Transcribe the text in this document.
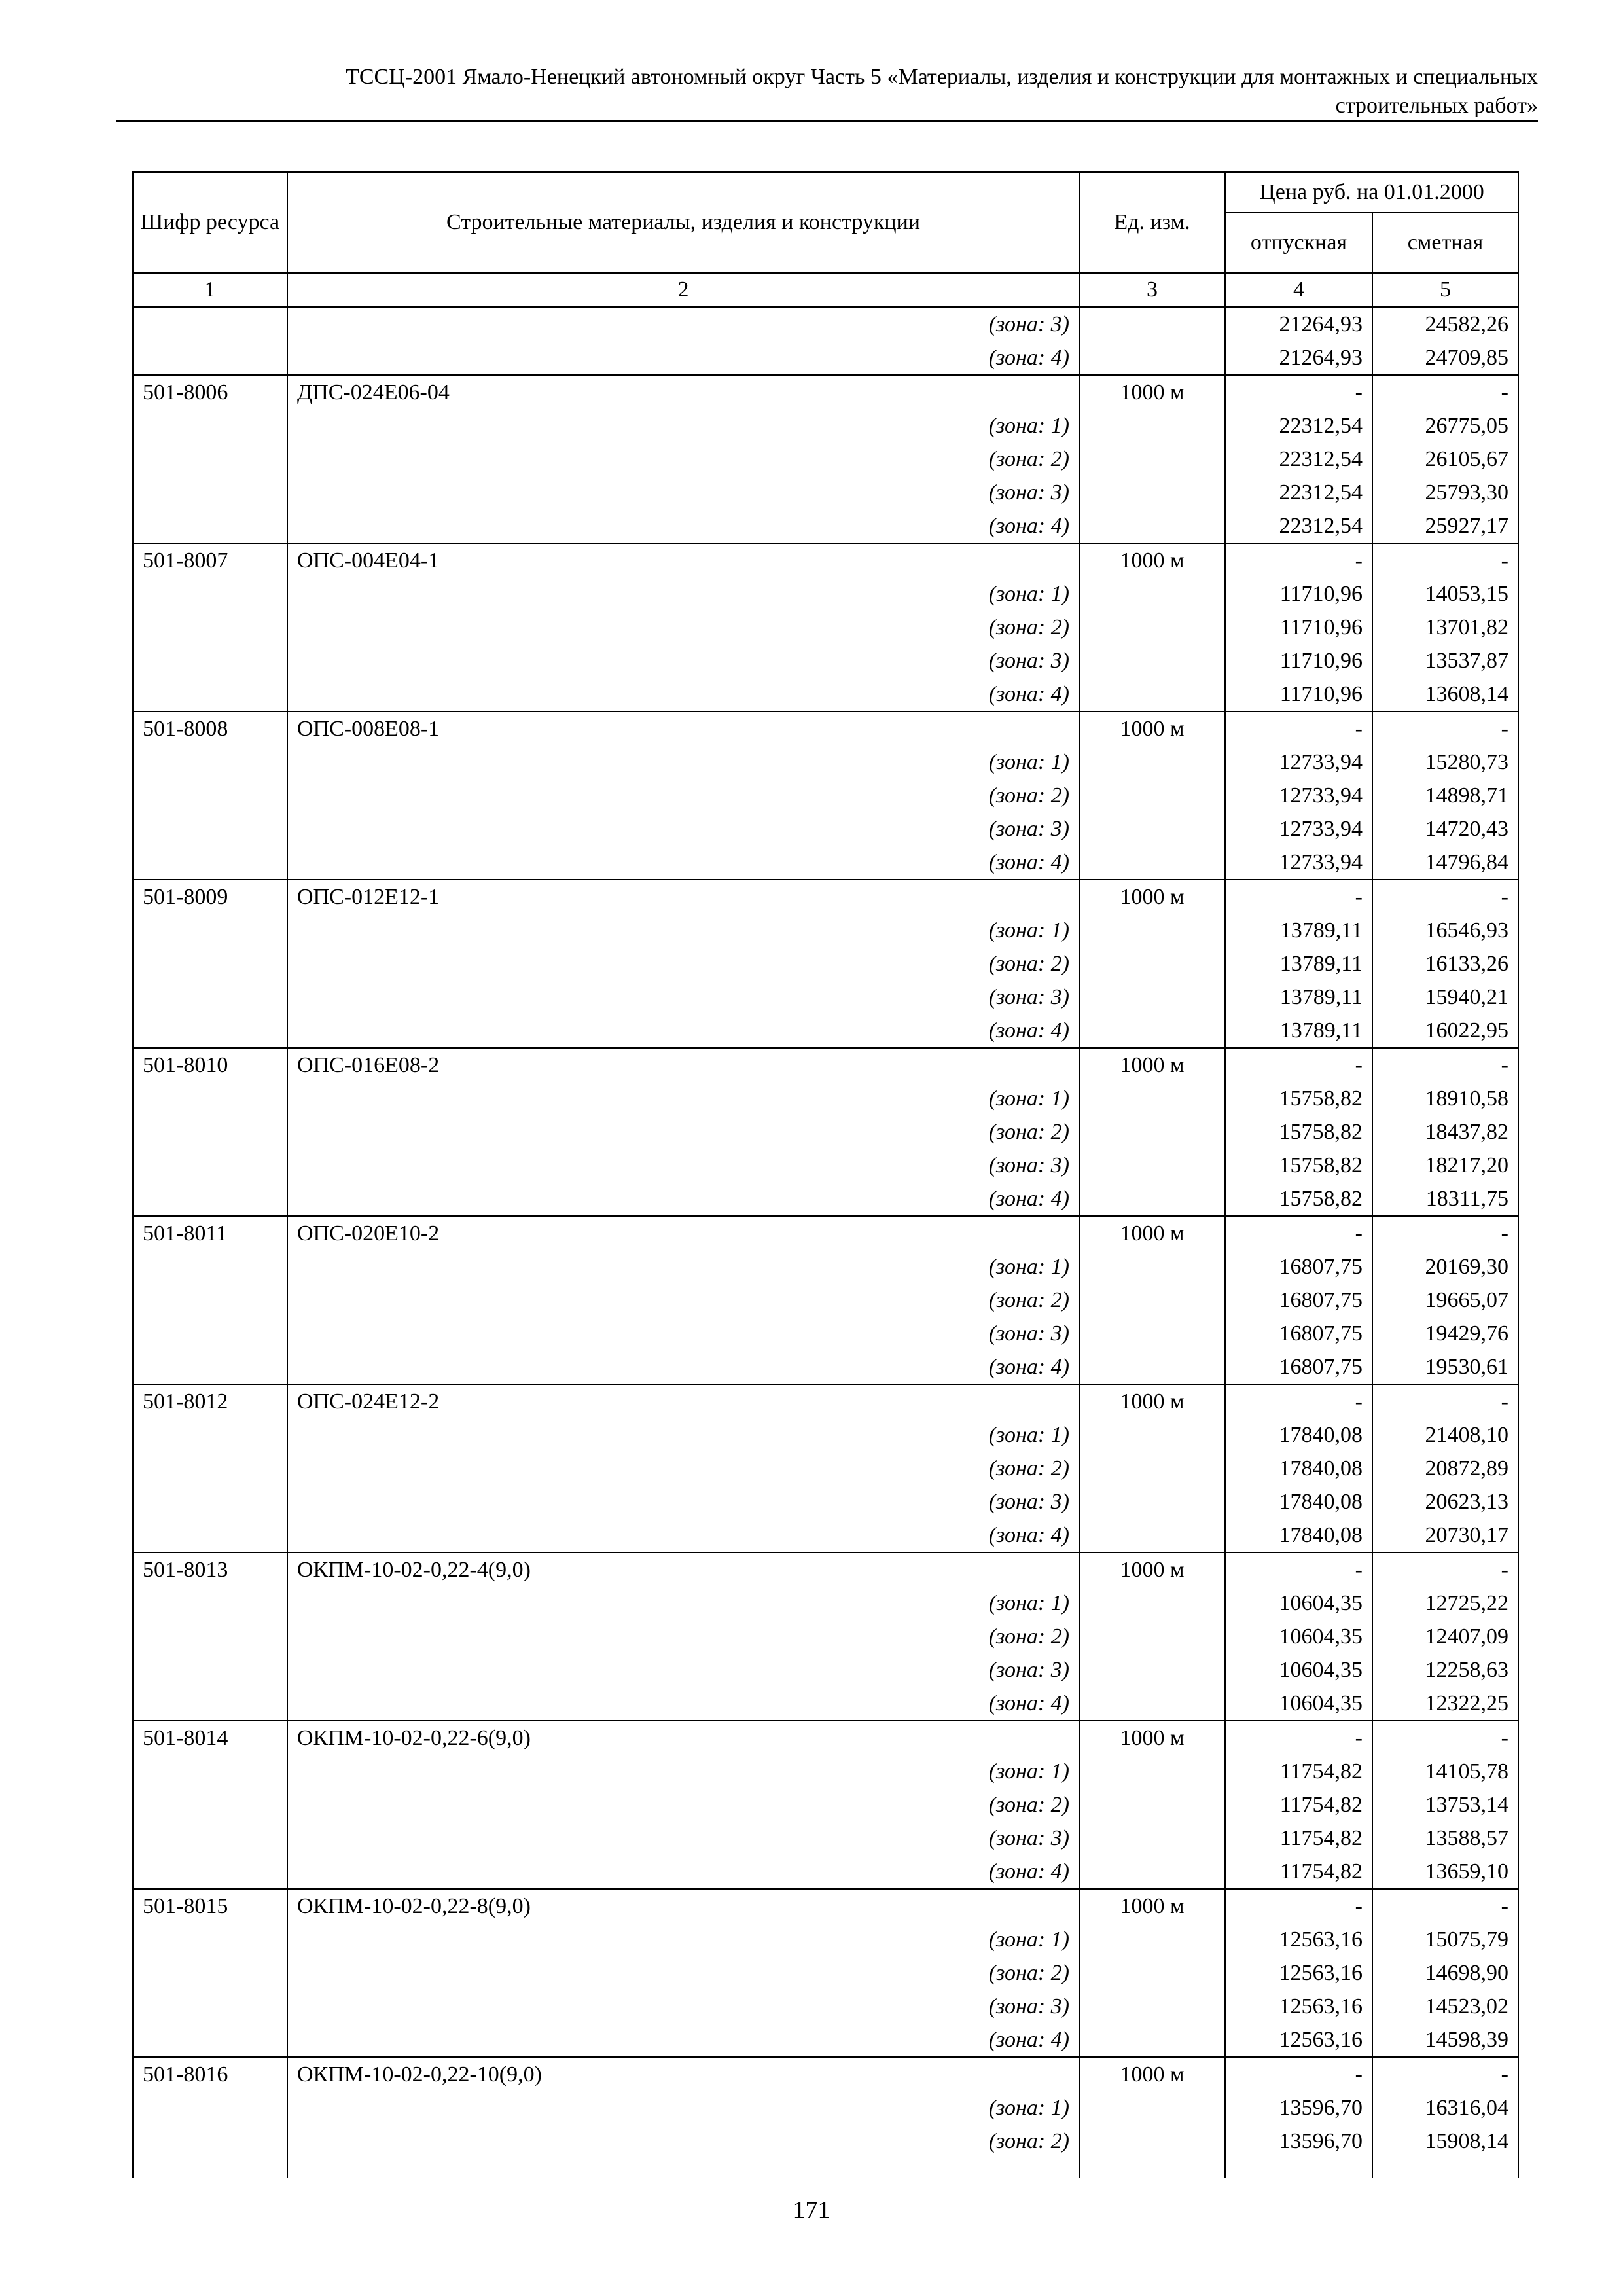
ТССЦ-2001 Ямало-Ненецкий автономный округ Часть 5 «Материалы, изделия и конструкции для монтажных и специальных
строительных работ»
Шифр ресурса	Строительные материалы, изделия и конструкции	Ед. изм.	Цена руб. на 01.01.2000	
			отпускная	сметная
1	2	3	4	5
	(зона: 3)		21264,93	24582,26
	(зона: 4)		21264,93	24709,85
501-8006	ДПС-024Е06-04	1000 м	-	-
	(зона: 1)		22312,54	26775,05
	(зона: 2)		22312,54	26105,67
	(зона: 3)		22312,54	25793,30
	(зона: 4)		22312,54	25927,17
501-8007	ОПС-004Е04-1	1000 м	-	-
	(зона: 1)		11710,96	14053,15
	(зона: 2)		11710,96	13701,82
	(зона: 3)		11710,96	13537,87
	(зона: 4)		11710,96	13608,14
501-8008	ОПС-008Е08-1	1000 м	-	-
	(зона: 1)		12733,94	15280,73
	(зона: 2)		12733,94	14898,71
	(зона: 3)		12733,94	14720,43
	(зона: 4)		12733,94	14796,84
501-8009	ОПС-012Е12-1	1000 м	-	-
	(зона: 1)		13789,11	16546,93
	(зона: 2)		13789,11	16133,26
	(зона: 3)		13789,11	15940,21
	(зона: 4)		13789,11	16022,95
501-8010	ОПС-016Е08-2	1000 м	-	-
	(зона: 1)		15758,82	18910,58
	(зона: 2)		15758,82	18437,82
	(зона: 3)		15758,82	18217,20
	(зона: 4)		15758,82	18311,75
501-8011	ОПС-020Е10-2	1000 м	-	-
	(зона: 1)		16807,75	20169,30
	(зона: 2)		16807,75	19665,07
	(зона: 3)		16807,75	19429,76
	(зона: 4)		16807,75	19530,61
501-8012	ОПС-024Е12-2	1000 м	-	-
	(зона: 1)		17840,08	21408,10
	(зона: 2)		17840,08	20872,89
	(зона: 3)		17840,08	20623,13
	(зона: 4)		17840,08	20730,17
501-8013	ОКПМ-10-02-0,22-4(9,0)	1000 м	-	-
	(зона: 1)		10604,35	12725,22
	(зона: 2)		10604,35	12407,09
	(зона: 3)		10604,35	12258,63
	(зона: 4)		10604,35	12322,25
501-8014	ОКПМ-10-02-0,22-6(9,0)	1000 м	-	-
	(зона: 1)		11754,82	14105,78
	(зона: 2)		11754,82	13753,14
	(зона: 3)		11754,82	13588,57
	(зона: 4)		11754,82	13659,10
501-8015	ОКПМ-10-02-0,22-8(9,0)	1000 м	-	-
	(зона: 1)		12563,16	15075,79
	(зона: 2)		12563,16	14698,90
	(зона: 3)		12563,16	14523,02
	(зона: 4)		12563,16	14598,39
501-8016	ОКПМ-10-02-0,22-10(9,0)	1000 м	-	-
	(зона: 1)		13596,70	16316,04
	(зона: 2)		13596,70	15908,14

171
